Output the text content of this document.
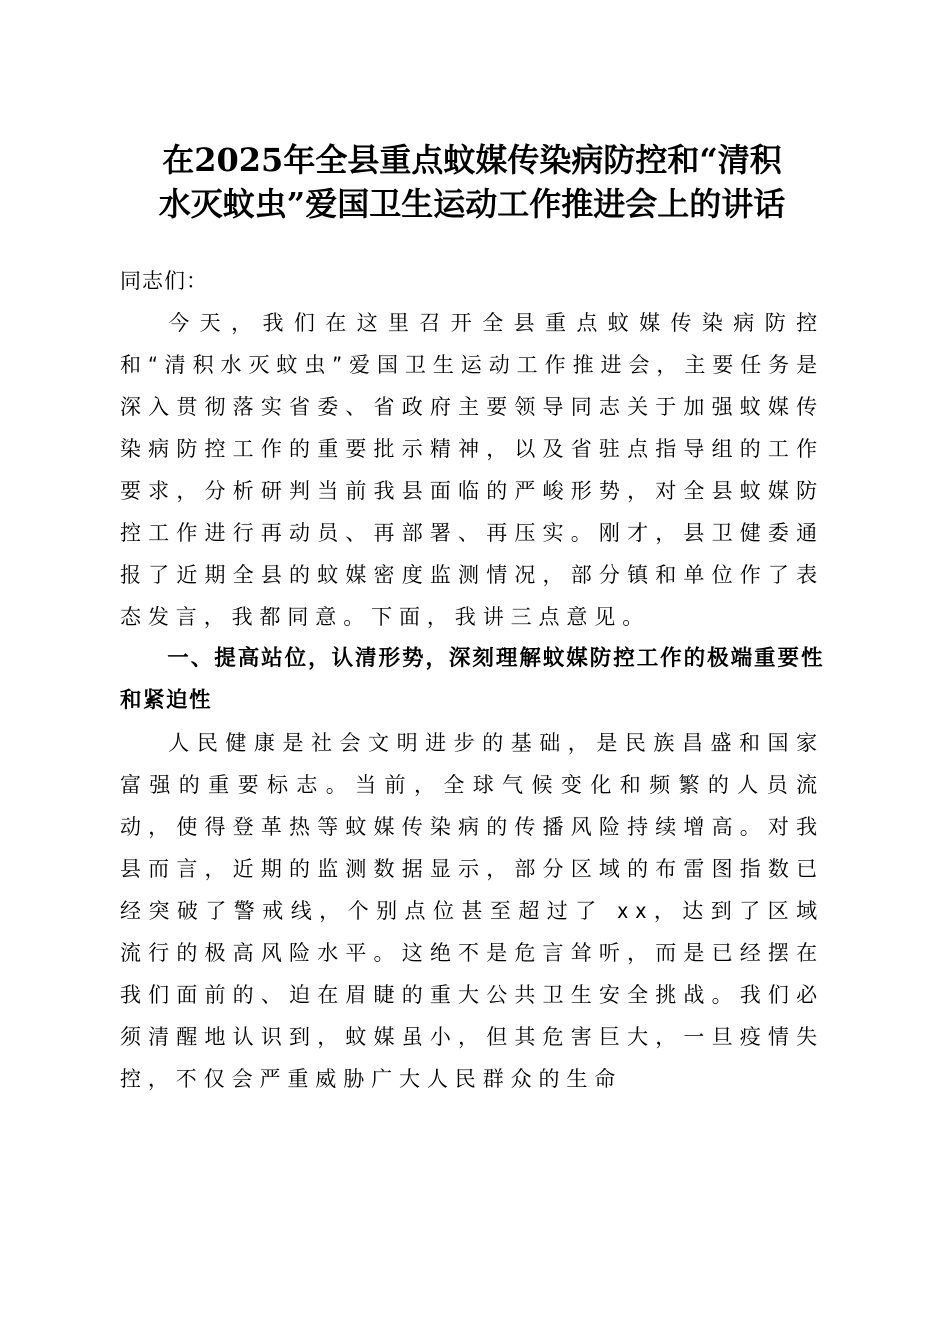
在2025年全县重点蚊媒传染病防控和“清积
水灭蚊虫”爱国卫生运动工作推进会上的讲话

同志们：

今天，我们在这里召开全县重点蚊媒传染病防控和“清积水灭蚊虫”爱国卫生运动工作推进会，主要任务是深入贯彻落实省委、省政府主要领导同志关于加强蚊媒传染病防控工作的重要批示精神，以及省驻点指导组的工作要求，分析研判当前我县面临的严峻形势，对全县蚊媒防控工作进行再动员、再部署、再压实。刚才，县卫健委通报了近期全县的蚊媒密度监测情况，部分镇和单位作了表态发言，我都同意。下面，我讲三点意见。

一、提高站位，认清形势，深刻理解蚊媒防控工作的极端重要性和紧迫性

人民健康是社会文明进步的基础，是民族昌盛和国家富强的重要标志。当前，全球气候变化和频繁的人员流动，使得登革热等蚊媒传染病的传播风险持续增高。对我县而言，近期的监测数据显示，部分区域的布雷图指数已经突破了警戒线，个别点位甚至超过了 xx，达到了区域流行的极高风险水平。这绝不是危言耸听，而是已经摆在我们面前的、迫在眉睫的重大公共卫生安全挑战。我们必须清醒地认识到，蚊媒虽小，但其危害巨大，一旦疫情失控，不仅会严重威胁广大人民群众的生命
